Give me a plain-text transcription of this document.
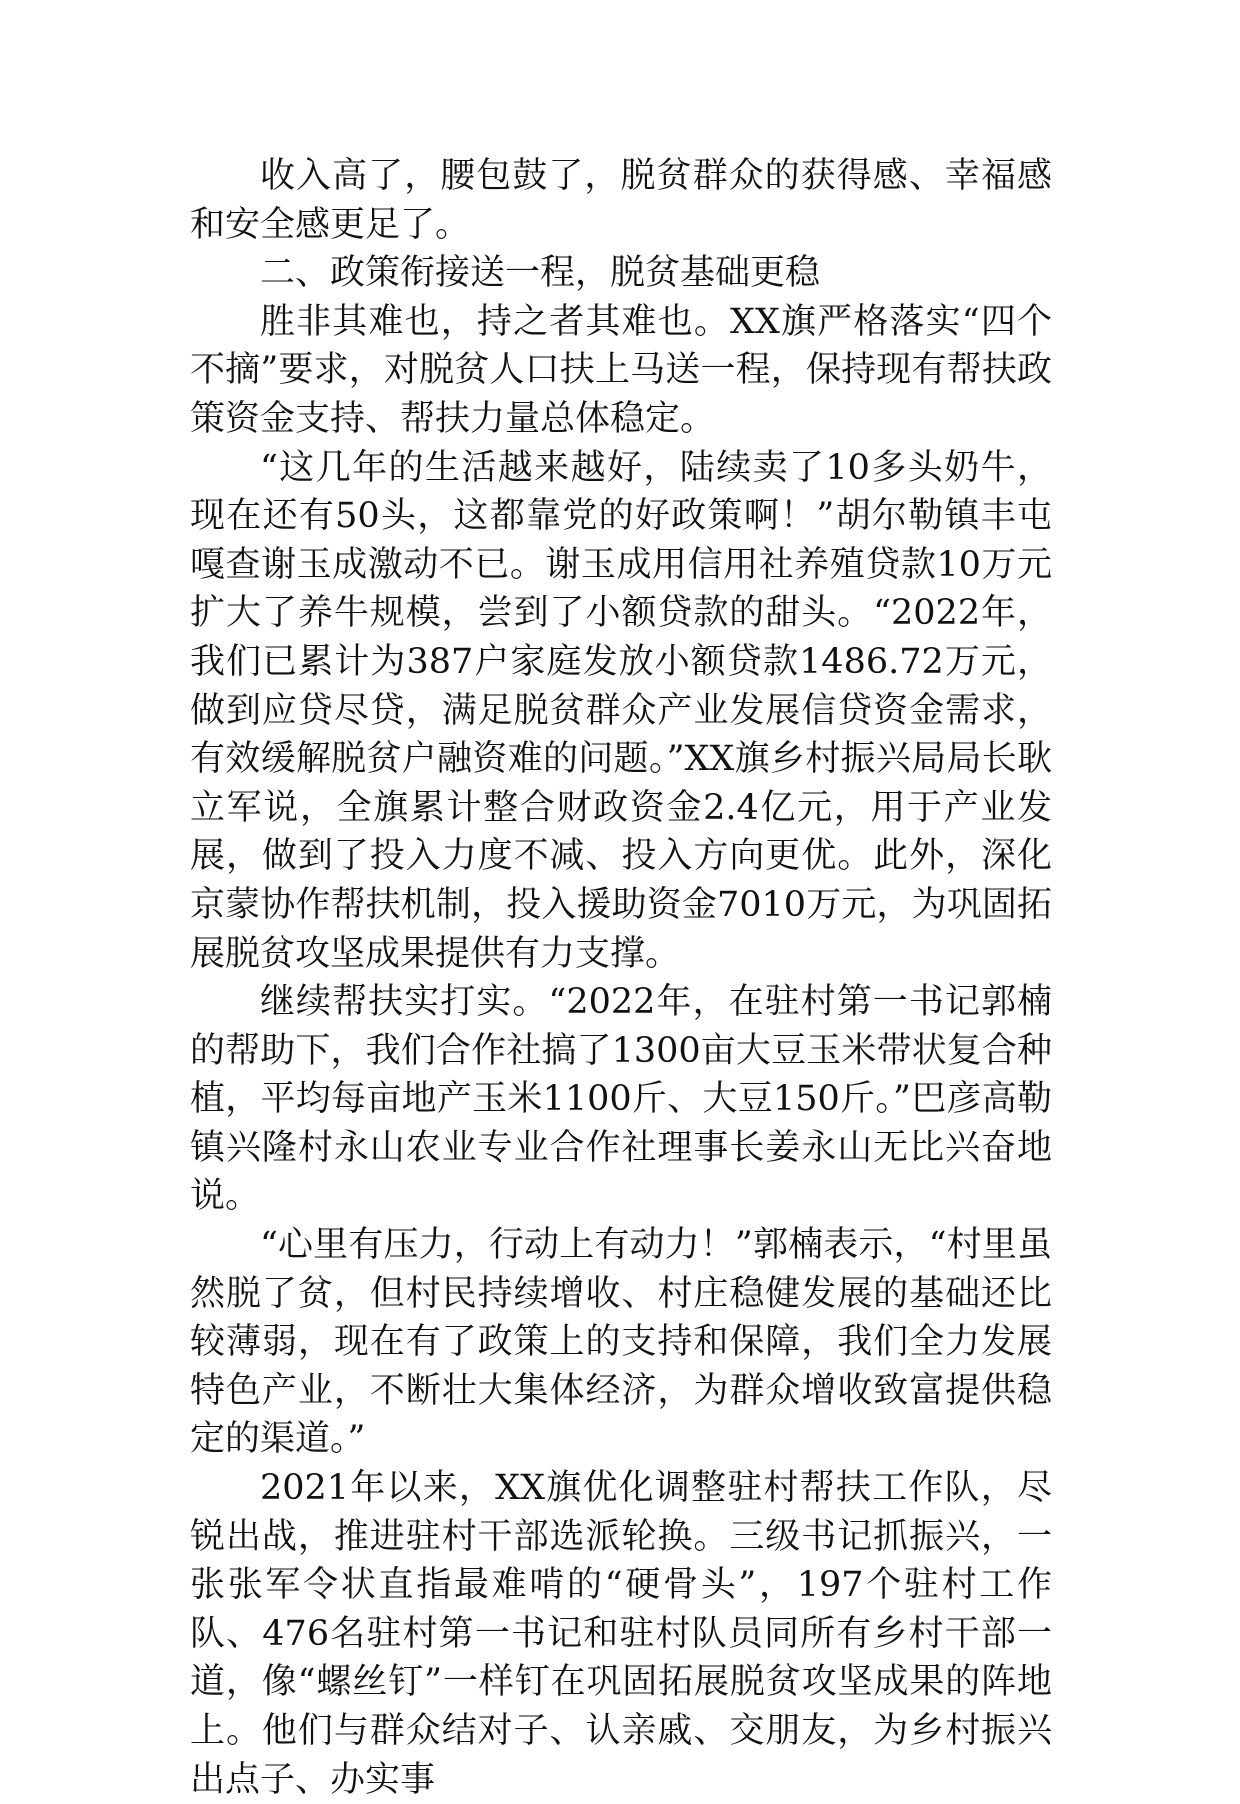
收入高了，腰包鼓了，脱贫群众的获得感、幸福感和安全感更足了。

二、政策衔接送一程，脱贫基础更稳

胜非其难也，持之者其难也。XX旗严格落实“四个不摘”要求，对脱贫人口扶上马送一程，保持现有帮扶政策资金支持、帮扶力量总体稳定。

“这几年的生活越来越好，陆续卖了10多头奶牛，现在还有50头，这都靠党的好政策啊！”胡尔勒镇丰屯嘎查谢玉成激动不已。谢玉成用信用社养殖贷款10万元扩大了养牛规模，尝到了小额贷款的甜头。“2022年，我们已累计为387户家庭发放小额贷款1486.72万元，做到应贷尽贷，满足脱贫群众产业发展信贷资金需求，有效缓解脱贫户融资难的问题。”XX旗乡村振兴局局长耿立军说，全旗累计整合财政资金2.4亿元，用于产业发展，做到了投入力度不减、投入方向更优。此外，深化京蒙协作帮扶机制，投入援助资金7010万元，为巩固拓展脱贫攻坚成果提供有力支撑。

继续帮扶实打实。“2022年，在驻村第一书记郭楠的帮助下，我们合作社搞了1300亩大豆玉米带状复合种植，平均每亩地产玉米1100斤、大豆150斤。”巴彦高勒镇兴隆村永山农业专业合作社理事长姜永山无比兴奋地说。

“心里有压力，行动上有动力！”郭楠表示，“村里虽然脱了贫，但村民持续增收、村庄稳健发展的基础还比较薄弱，现在有了政策上的支持和保障，我们全力发展特色产业，不断壮大集体经济，为群众增收致富提供稳定的渠道。”

2021年以来，XX旗优化调整驻村帮扶工作队，尽锐出战，推进驻村干部选派轮换。三级书记抓振兴，一张张军令状直指最难啃的“硬骨头”，197个驻村工作队、476名驻村第一书记和驻村队员同所有乡村干部一道，像“螺丝钉”一样钉在巩固拓展脱贫攻坚成果的阵地上。他们与群众结对子、认亲戚、交朋友，为乡村振兴出点子、办实事
